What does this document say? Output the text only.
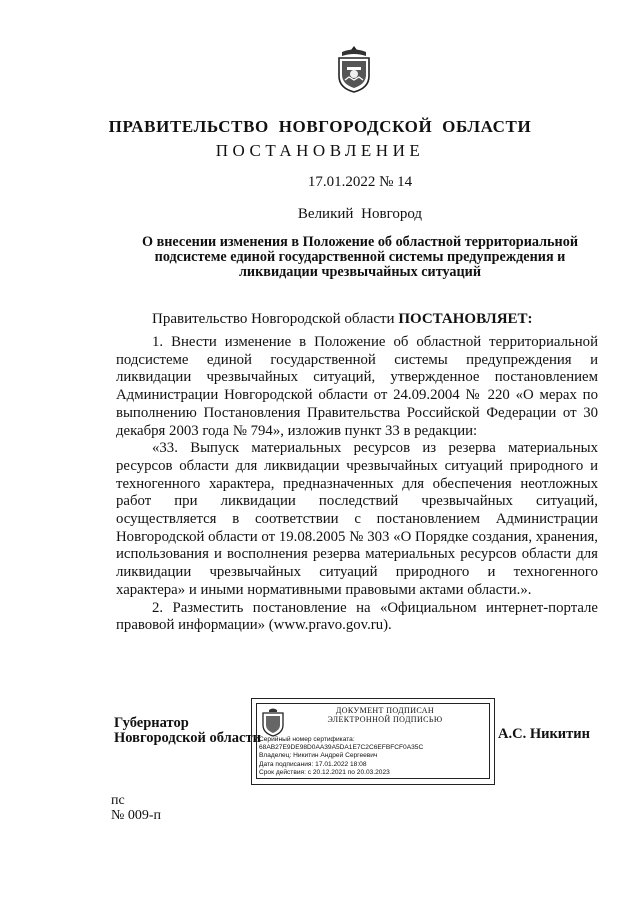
ПРАВИТЕЛЬСТВО НОВГОРОДСКОЙ ОБЛАСТИ
ПОСТАНОВЛЕНИЕ
17.01.2022 № 14
Великий Новгород
О внесении изменения в Положение об областной территориальной
подсистеме единой государственной системы предупреждения и
ликвидации чрезвычайных ситуаций
Правительство Новгородской области ПОСТАНОВЛЯЕТ:

1. Внести изменение в Положение об областной территориальной подсистеме единой государственной системы предупреждения и ликвидации чрезвычайных ситуаций, утвержденное постановлением Администрации Новгородской области от 24.09.2004 № 220 «О мерах по выполнению Постановления Правительства Российской Федерации от 30 декабря 2003 года № 794», изложив пункт 33 в редакции:

«33. Выпуск материальных ресурсов из резерва материальных ресурсов области для ликвидации чрезвычайных ситуаций природного и техногенного характера, предназначенных для обеспечения неотложных работ при ликвидации последствий чрезвычайных ситуаций, осуществляется в соответствии с постановлением Администрации Новгородской области от 19.08.2005 № 303 «О Порядке создания, хранения, использования и восполнения резерва материальных ресурсов области для ликвидации чрезвычайных ситуаций природного и техногенного характера» и иными нормативными правовыми актами области.».

2. Разместить постановление на «Официальном интернет-портале правовой информации» (www.pravo.gov.ru).

Губернатор
Новгородской области
ДОКУМЕНТ ПОДПИСАН
ЭЛЕКТРОННОЙ ПОДПИСЬЮ
Серийный номер сертификата:
68AB27E9DE98D0AA39A5DA1E7C2C6EFBFCF0A35C
Владелец: Никитин Андрей Сергеевич
Дата подписания: 17.01.2022 18:08
Срок действия: с 20.12.2021 по 20.03.2023
А.С. Никитин
пс
№ 009-п
